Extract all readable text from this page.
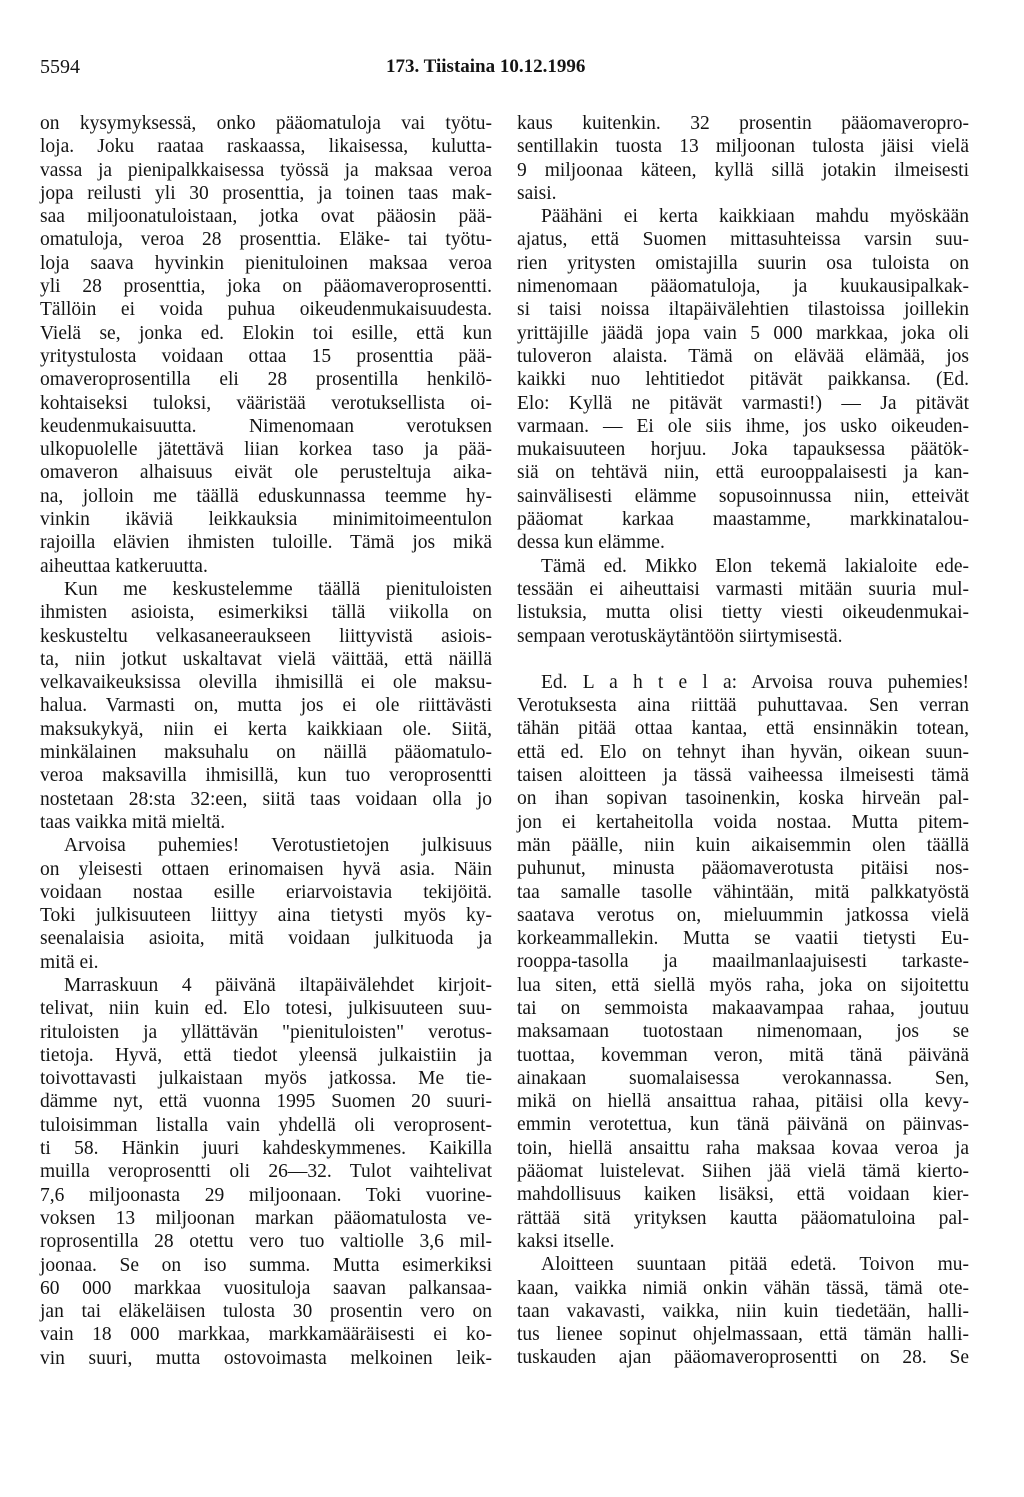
5594	173. Tiistaina 10.12.1996
on kysymyksessä, onko pääomatuloja vai työtu-
loja. Joku raataa raskaassa, likaisessa, kulutta-
vassa ja pienipalkkaisessa työssä ja maksaa veroa
jopa reilusti yli 30 prosenttia, ja toinen taas mak-
saa miljoonatuloistaan, jotka ovat pääosin pää-
omatuloja, veroa 28 prosenttia. Eläke- tai työtu-
loja saava hyvinkin pienituloinen maksaa veroa
yli 28 prosenttia, joka on pääomaveroprosentti.
Tällöin ei voida puhua oikeudenmukaisuudesta.
Vielä se, jonka ed. Elokin toi esille, että kun
yritystulosta voidaan ottaa 15 prosenttia pää-
omaveroprosentilla eli 28 prosentilla henkilö-
kohtaiseksi tuloksi, vääristää verotuksellista oi-
keudenmukaisuutta. Nimenomaan verotuksen
ulkopuolelle jätettävä liian korkea taso ja pää-
omaveron alhaisuus eivät ole perusteltuja aika-
na, jolloin me täällä eduskunnassa teemme hy-
vinkin ikäviä leikkauksia minimitoimeentulon
rajoilla elävien ihmisten tuloille. Tämä jos mikä
aiheuttaa katkeruutta.
Kun me keskustelemme täällä pienituloisten
ihmisten asioista, esimerkiksi tällä viikolla on
keskusteltu velkasaneeraukseen liittyvistä asiois-
ta, niin jotkut uskaltavat vielä väittää, että näillä
velkavaikeuksissa olevilla ihmisillä ei ole maksu-
halua. Varmasti on, mutta jos ei ole riittävästi
maksukykyä, niin ei kerta kaikkiaan ole. Siitä,
minkälainen maksuhalu on näillä pääomatulo-
veroa maksavilla ihmisillä, kun tuo veroprosentti
nostetaan 28:sta 32:een, siitä taas voidaan olla jo
taas vaikka mitä mieltä.
Arvoisa puhemies! Verotustietojen julkisuus
on yleisesti ottaen erinomaisen hyvä asia. Näin
voidaan nostaa esille eriarvoistavia tekijöitä.
Toki julkisuuteen liittyy aina tietysti myös ky-
seenalaisia asioita, mitä voidaan julkituoda ja
mitä ei.
Marraskuun 4 päivänä iltapäivälehdet kirjoit-
telivat, niin kuin ed. Elo totesi, julkisuuteen suu-
rituloisten ja yllättävän "pienituloisten" verotus-
tietoja. Hyvä, että tiedot yleensä julkaistiin ja
toivottavasti julkaistaan myös jatkossa. Me tie-
dämme nyt, että vuonna 1995 Suomen 20 suuri-
tuloisimman listalla vain yhdellä oli veroprosent-
ti 58. Hänkin juuri kahdeskymmenes. Kaikilla
muilla veroprosentti oli 26—32. Tulot vaihtelivat
7,6 miljoonasta 29 miljoonaan. Toki vuorine-
voksen 13 miljoonan markan pääomatulosta ve-
roprosentilla 28 otettu vero tuo valtiolle 3,6 mil-
joonaa. Se on iso summa. Mutta esimerkiksi
60 000 markkaa vuosituloja saavan palkansaa-
jan tai eläkeläisen tulosta 30 prosentin vero on
vain 18 000 markkaa, markkamääräisesti ei ko-
vin suuri, mutta ostovoimasta melkoinen leik-
kaus kuitenkin. 32 prosentin pääomaveropro-
sentillakin tuosta 13 miljoonan tulosta jäisi vielä
9 miljoonaa käteen, kyllä sillä jotakin ilmeisesti
saisi.
Päähäni ei kerta kaikkiaan mahdu myöskään
ajatus, että Suomen mittasuhteissa varsin suu-
rien yritysten omistajilla suurin osa tuloista on
nimenomaan pääomatuloja, ja kuukausipalkak-
si taisi noissa iltapäivälehtien tilastoissa joillekin
yrittäjille jäädä jopa vain 5 000 markkaa, joka oli
tuloveron alaista. Tämä on elävää elämää, jos
kaikki nuo lehtitiedot pitävät paikkansa. (Ed.
Elo: Kyllä ne pitävät varmasti!) — Ja pitävät
varmaan. — Ei ole siis ihme, jos usko oikeuden-
mukaisuuteen horjuu. Joka tapauksessa päätök-
siä on tehtävä niin, että eurooppalaisesti ja kan-
sainvälisesti elämme sopusoinnussa niin, etteivät
pääomat karkaa maastamme, markkinatalou-
dessa kun elämme.
Tämä ed. Mikko Elon tekemä lakialoite ede-
tessään ei aiheuttaisi varmasti mitään suuria mul-
listuksia, mutta olisi tietty viesti oikeudenmukai-
sempaan verotuskäytäntöön siirtymisestä.
Ed. L a h t e l a: Arvoisa rouva puhemies!
Verotuksesta aina riittää puhuttavaa. Sen verran
tähän pitää ottaa kantaa, että ensinnäkin totean,
että ed. Elo on tehnyt ihan hyvän, oikean suun-
taisen aloitteen ja tässä vaiheessa ilmeisesti tämä
on ihan sopivan tasoinenkin, koska hirveän pal-
jon ei kertaheitolla voida nostaa. Mutta pitem-
män päälle, niin kuin aikaisemmin olen täällä
puhunut, minusta pääomaverotusta pitäisi nos-
taa samalle tasolle vähintään, mitä palkkatyöstä
saatava verotus on, mieluummin jatkossa vielä
korkeammallekin. Mutta se vaatii tietysti Eu-
rooppa-tasolla ja maailmanlaajuisesti tarkaste-
lua siten, että siellä myös raha, joka on sijoitettu
tai on semmoista makaavampaa rahaa, joutuu
maksamaan tuotostaan nimenomaan, jos se
tuottaa, kovemman veron, mitä tänä päivänä
ainakaan suomalaisessa verokannassa. Sen,
mikä on hiellä ansaittua rahaa, pitäisi olla kevy-
emmin verotettua, kun tänä päivänä on päinvas-
toin, hiellä ansaittu raha maksaa kovaa veroa ja
pääomat luistelevat. Siihen jää vielä tämä kierto-
mahdollisuus kaiken lisäksi, että voidaan kier-
rättää sitä yrityksen kautta pääomatuloina pal-
kaksi itselle.
Aloitteen suuntaan pitää edetä. Toivon mu-
kaan, vaikka nimiä onkin vähän tässä, tämä ote-
taan vakavasti, vaikka, niin kuin tiedetään, halli-
tus lienee sopinut ohjelmassaan, että tämän halli-
tuskauden ajan pääomaveroprosentti on 28. Se
